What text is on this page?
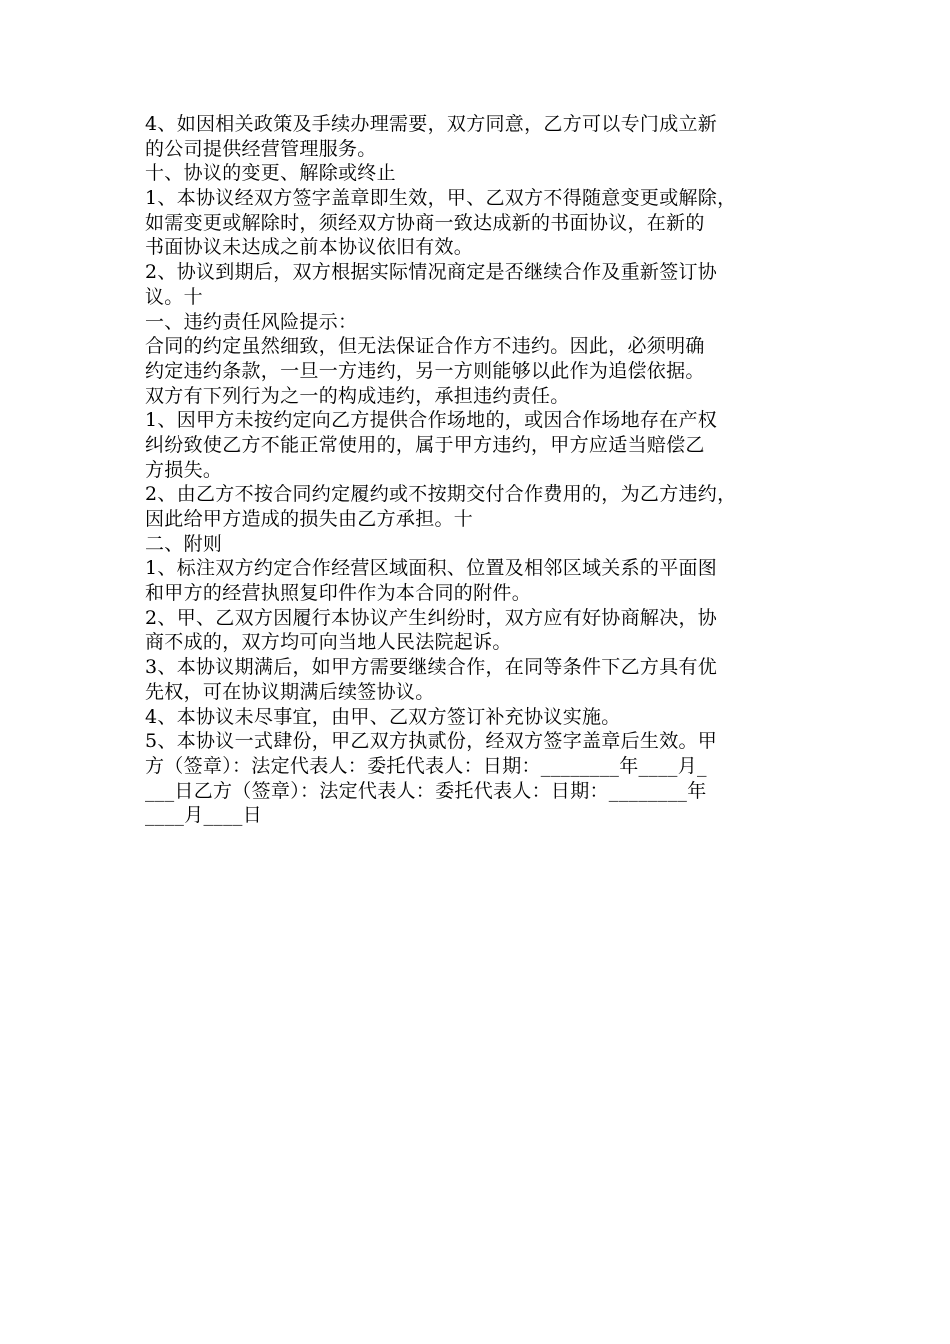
4、如因相关政策及手续办理需要，双方同意，乙方可以专门成立新
的公司提供经营管理服务。
十、协议的变更、解除或终止
1、本协议经双方签字盖章即生效，甲、乙双方不得随意变更或解除，
如需变更或解除时，须经双方协商一致达成新的书面协议，在新的
书面协议未达成之前本协议依旧有效。
2、协议到期后，双方根据实际情况商定是否继续合作及重新签订协
议。十
一、违约责任风险提示：
合同的约定虽然细致，但无法保证合作方不违约。因此，必须明确
约定违约条款，一旦一方违约，另一方则能够以此作为追偿依据。
双方有下列行为之一的构成违约，承担违约责任。
1、因甲方未按约定向乙方提供合作场地的，或因合作场地存在产权
纠纷致使乙方不能正常使用的，属于甲方违约，甲方应适当赔偿乙
方损失。
2、由乙方不按合同约定履约或不按期交付合作费用的，为乙方违约，
因此给甲方造成的损失由乙方承担。十
二、附则
1、标注双方约定合作经营区域面积、位置及相邻区域关系的平面图
和甲方的经营执照复印件作为本合同的附件。
2、甲、乙双方因履行本协议产生纠纷时，双方应有好协商解决，协
商不成的，双方均可向当地人民法院起诉。
3、本协议期满后，如甲方需要继续合作，在同等条件下乙方具有优
先权，可在协议期满后续签协议。
4、本协议未尽事宜，由甲、乙双方签订补充协议实施。
5、本协议一式肆份，甲乙双方执贰份，经双方签字盖章后生效。甲
方（签章）：法定代表人：委托代表人：日期：________年____月_
___日乙方（签章）：法定代表人：委托代表人：日期：________年
____月____日
